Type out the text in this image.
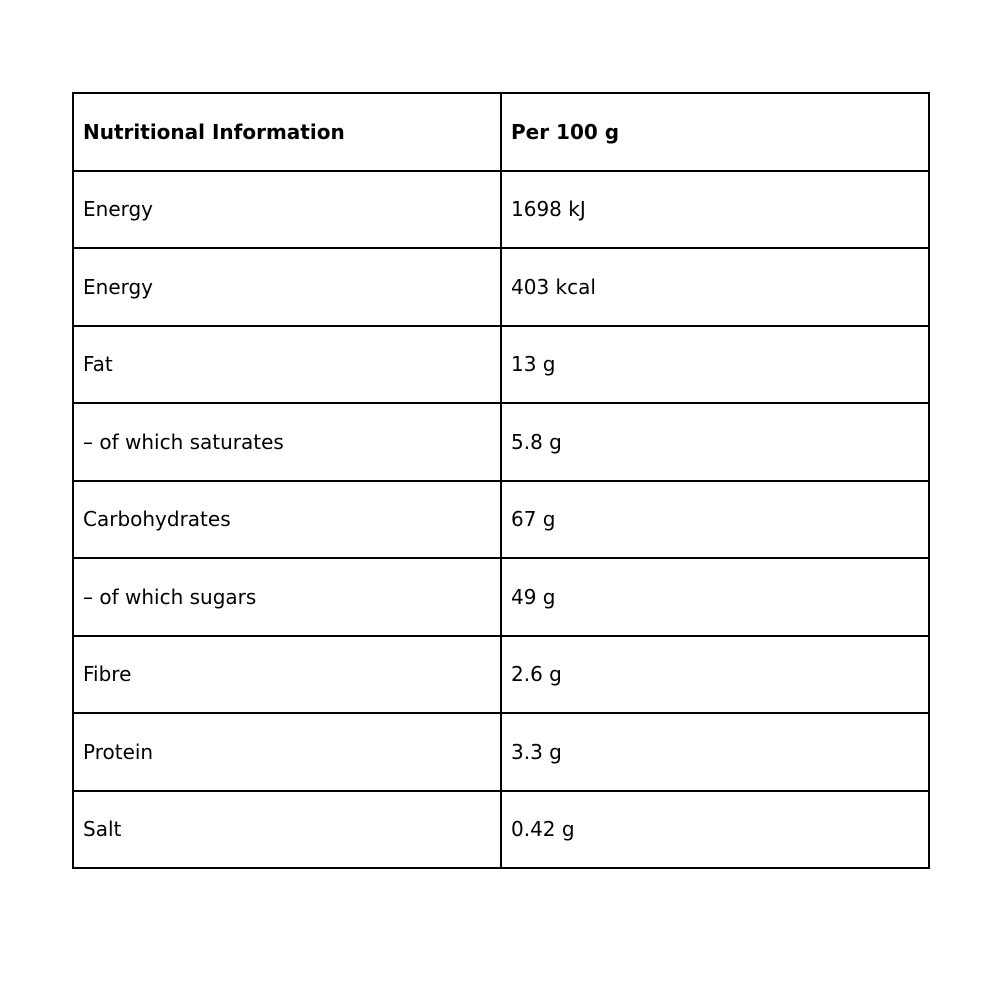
Nutritional Information	Per 100 g
Energy	1698 kJ
Energy	403 kcal
Fat	13 g
– of which saturates	5.8 g
Carbohydrates	67 g
– of which sugars	49 g
Fibre	2.6 g
Protein	3.3 g
Salt	0.42 g
